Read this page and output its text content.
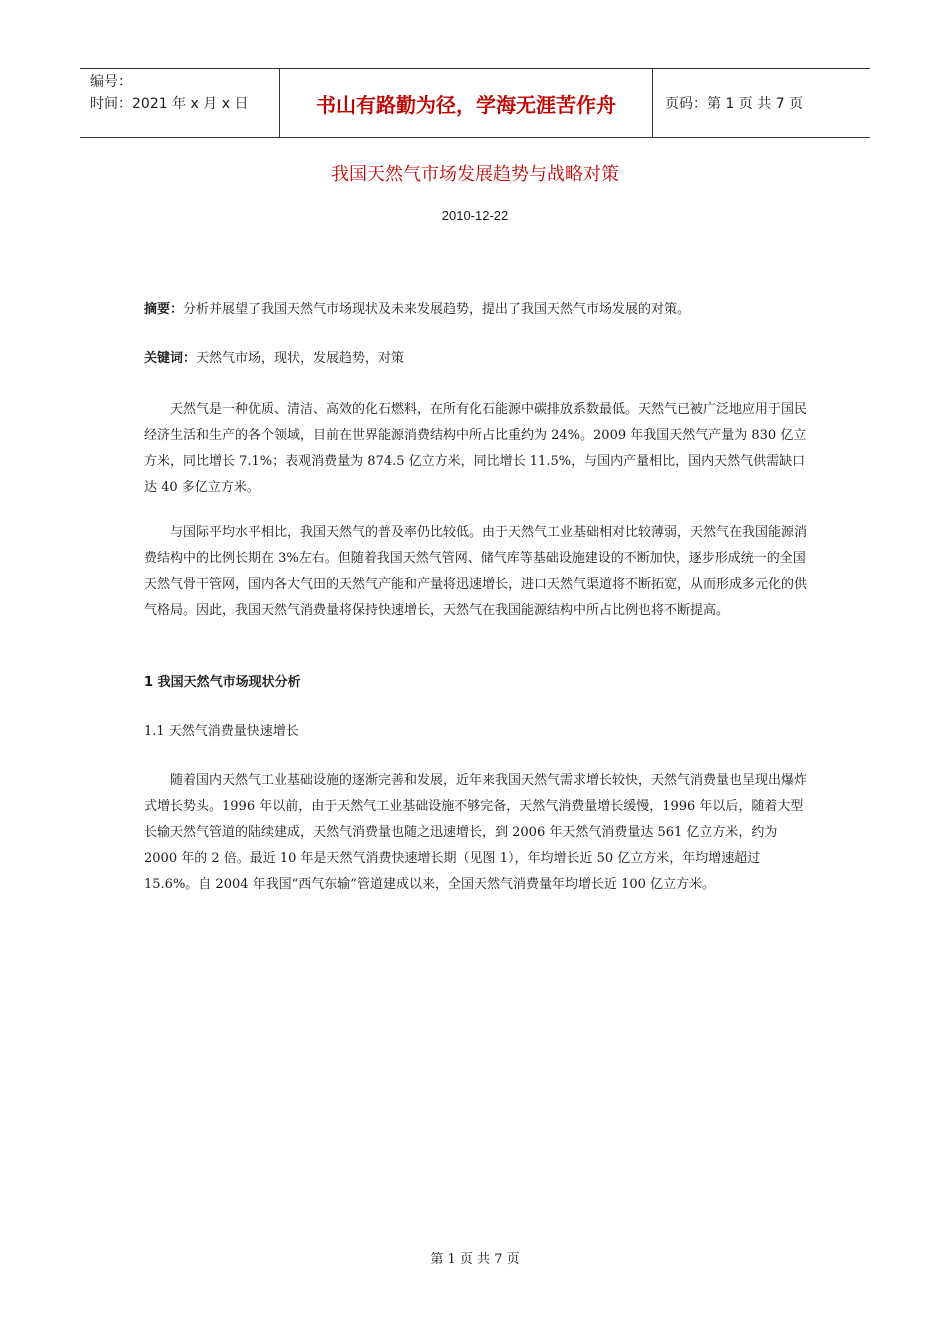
编号：
时间：2021 年 x 月 x 日	书山有路勤为径，学海无涯苦作舟	页码：第 1 页 共 7 页
我国天然气市场发展趋势与战略对策
2010-12-22
摘要：分析并展望了我国天然气市场现状及未来发展趋势，提出了我国天然气市场发展的对策。
关键词：天然气市场，现状，发展趋势，对策
天然气是一种优质、清洁、高效的化石燃料，在所有化石能源中碳排放系数最低。天然气已被广泛地应用于国民经济生活和生产的各个领域，目前在世界能源消费结构中所占比重约为 24%。2009 年我国天然气产量为 830 亿立方米，同比增长 7.1%；表观消费量为 874.5 亿立方米，同比增长 11.5%，与国内产量相比，国内天然气供需缺口达 40 多亿立方米。
与国际平均水平相比，我国天然气的普及率仍比较低。由于天然气工业基础相对比较薄弱，天然气在我国能源消费结构中的比例长期在 3%左右。但随着我国天然气管网、储气库等基础设施建设的不断加快，逐步形成统一的全国天然气骨干管网，国内各大气田的天然气产能和产量将迅速增长，进口天然气渠道将不断拓宽，从而形成多元化的供气格局。因此，我国天然气消费量将保持快速增长，天然气在我国能源结构中所占比例也将不断提高。
1 我国天然气市场现状分析
1.1 天然气消费量快速增长
随着国内天然气工业基础设施的逐渐完善和发展，近年来我国天然气需求增长较快，天然气消费量也呈现出爆炸式增长势头。1996 年以前，由于天然气工业基础设施不够完备，天然气消费量增长缓慢，1996 年以后，随着大型长输天然气管道的陆续建成，天然气消费量也随之迅速增长，到 2006 年天然气消费量达 561 亿立方米，约为 2000 年的 2 倍。最近 10 年是天然气消费快速增长期（见图 1），年均增长近 50 亿立方米，年均增速超过 15.6%。自 2004 年我国“西气东输”管道建成以来，全国天然气消费量年均增长近 100 亿立方米。
第 1 页 共 7 页
